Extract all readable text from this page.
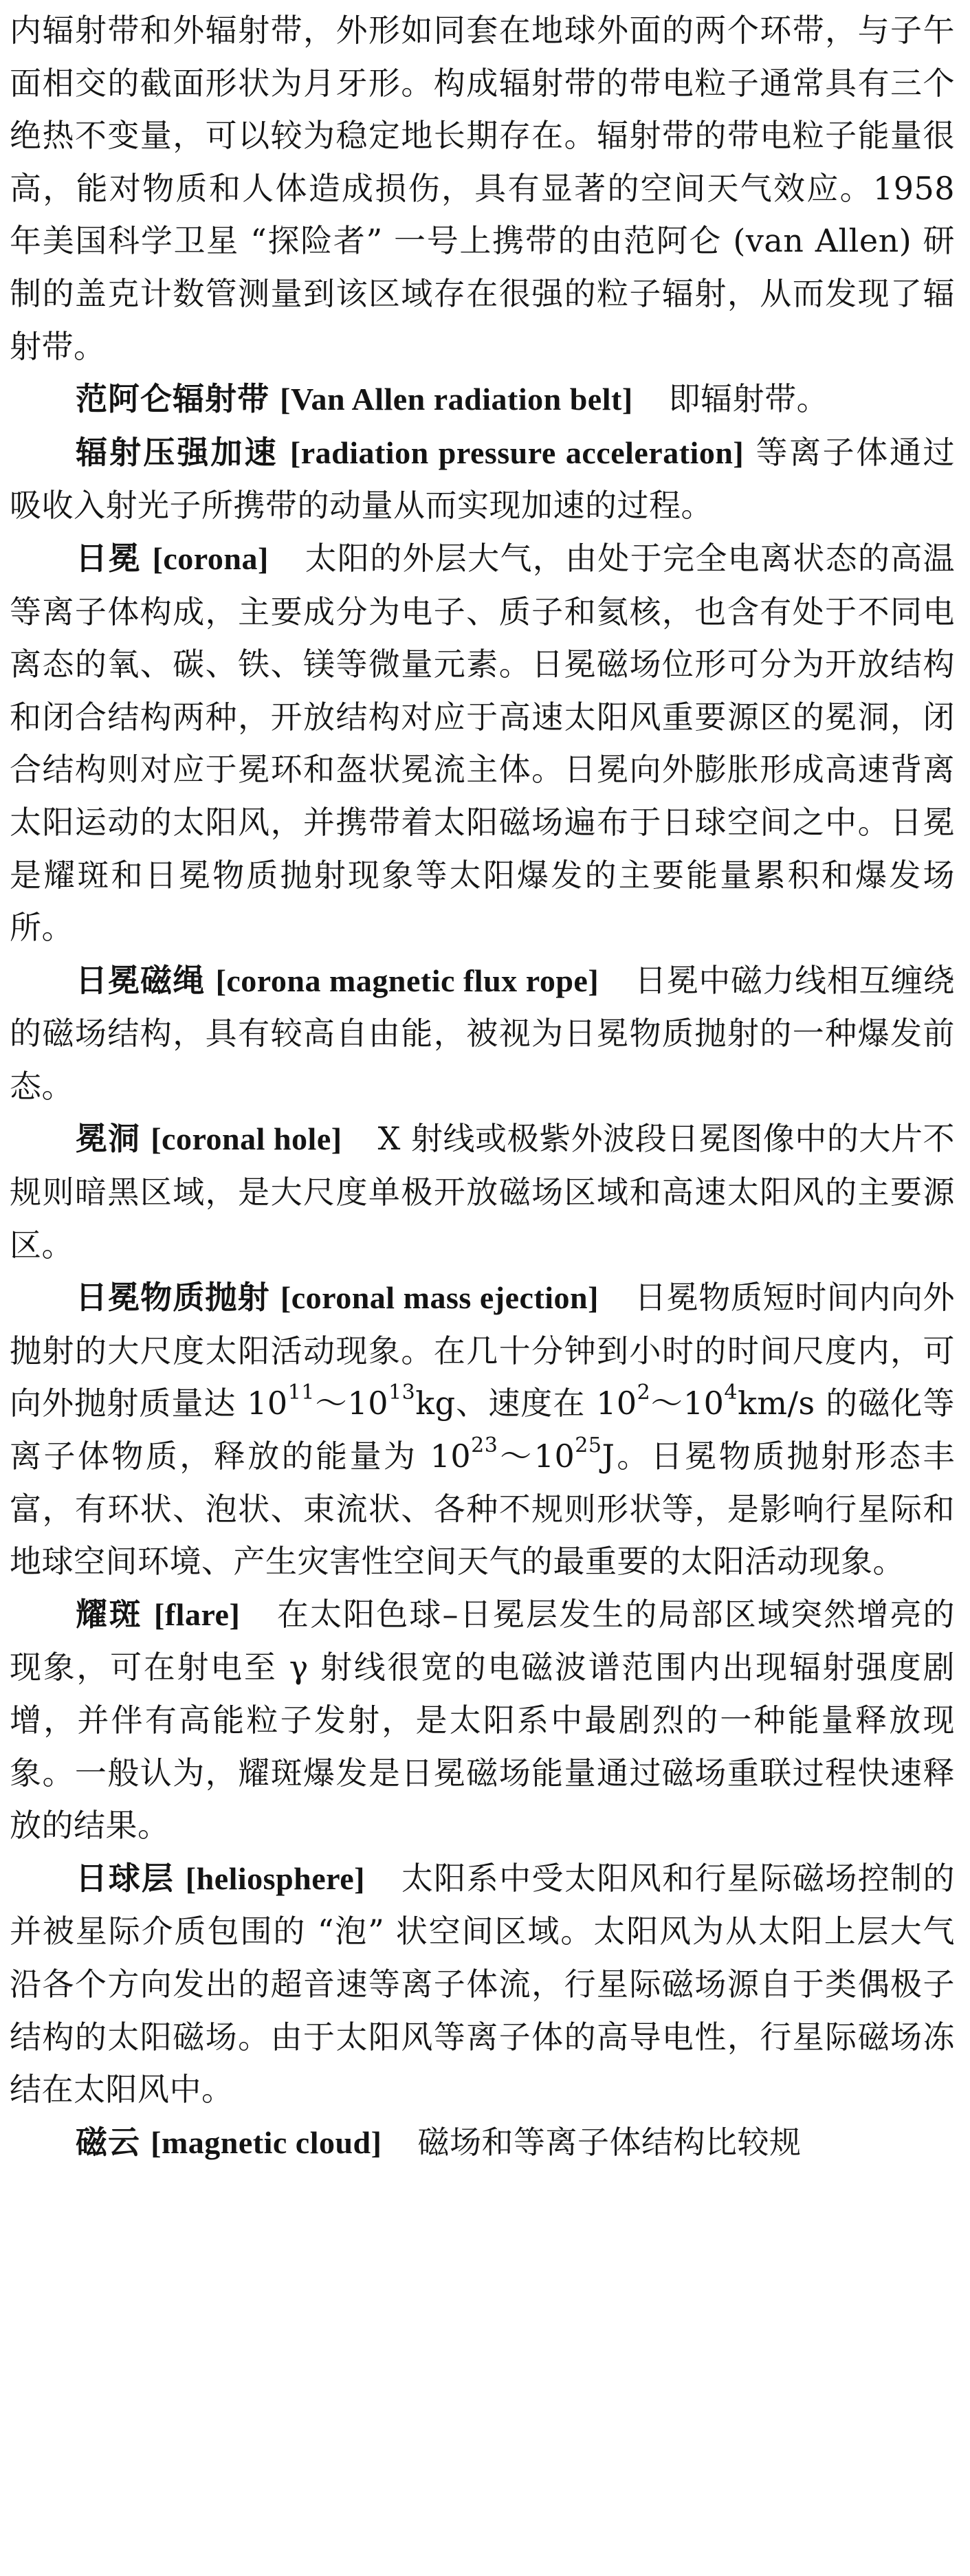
内辐射带和外辐射带，外形如同套在地球外面的两个环带，与子午面相交的截面形状为月牙形。构成辐射带的带电粒子通常具有三个绝热不变量，可以较为稳定地长期存在。辐射带的带电粒子能量很高，能对物质和人体造成损伤，具有显著的空间天气效应。1958 年美国科学卫星 “探险者” 一号上携带的由范阿仑 (van Allen) 研制的盖克计数管测量到该区域存在很强的粒子辐射，从而发现了辐射带。

范阿仑辐射带 [Van Allen radiation belt] 即辐射带。

辐射压强加速 [radiation pressure acceleration] 等离子体通过吸收入射光子所携带的动量从而实现加速的过程。

日冕 [corona] 太阳的外层大气，由处于完全电离状态的高温等离子体构成，主要成分为电子、质子和氦核，也含有处于不同电离态的氧、碳、铁、镁等微量元素。日冕磁场位形可分为开放结构和闭合结构两种，开放结构对应于高速太阳风重要源区的冕洞，闭合结构则对应于冕环和盔状冕流主体。日冕向外膨胀形成高速背离太阳运动的太阳风，并携带着太阳磁场遍布于日球空间之中。日冕是耀斑和日冕物质抛射现象等太阳爆发的主要能量累积和爆发场所。

日冕磁绳 [corona magnetic flux rope] 日冕中磁力线相互缠绕的磁场结构，具有较高自由能，被视为日冕物质抛射的一种爆发前态。

冕洞 [coronal hole] X 射线或极紫外波段日冕图像中的大片不规则暗黑区域，是大尺度单极开放磁场区域和高速太阳风的主要源区。

日冕物质抛射 [coronal mass ejection] 日冕物质短时间内向外抛射的大尺度太阳活动现象。在几十分钟到小时的时间尺度内，可向外抛射质量达 $10^{11}\sim 10^{13}kg$、速度在 $10^2\sim 10^4km/s$ 的磁化等离子体物质，释放的能量为 $10^{23}\sim 10^{25}J$。日冕物质抛射形态丰富，有环状、泡状、束流状、各种不规则形状等，是影响行星际和地球空间环境、产生灾害性空间天气的最重要的太阳活动现象。

耀斑 [flare] 在太阳色球–日冕层发生的局部区域突然增亮的现象，可在射电至 γ 射线很宽的电磁波谱范围内出现辐射强度剧增，并伴有高能粒子发射，是太阳系中最剧烈的一种能量释放现象。一般认为，耀斑爆发是日冕磁场能量通过磁场重联过程快速释放的结果。

日球层 [heliosphere] 太阳系中受太阳风和行星际磁场控制的并被星际介质包围的 “泡” 状空间区域。太阳风为从太阳上层大气沿各个方向发出的超音速等离子体流，行星际磁场源自于类偶极子结构的太阳磁场。由于太阳风等离子体的高导电性，行星际磁场冻结在太阳风中。

磁云 [magnetic cloud] 磁场和等离子体结构比较规
